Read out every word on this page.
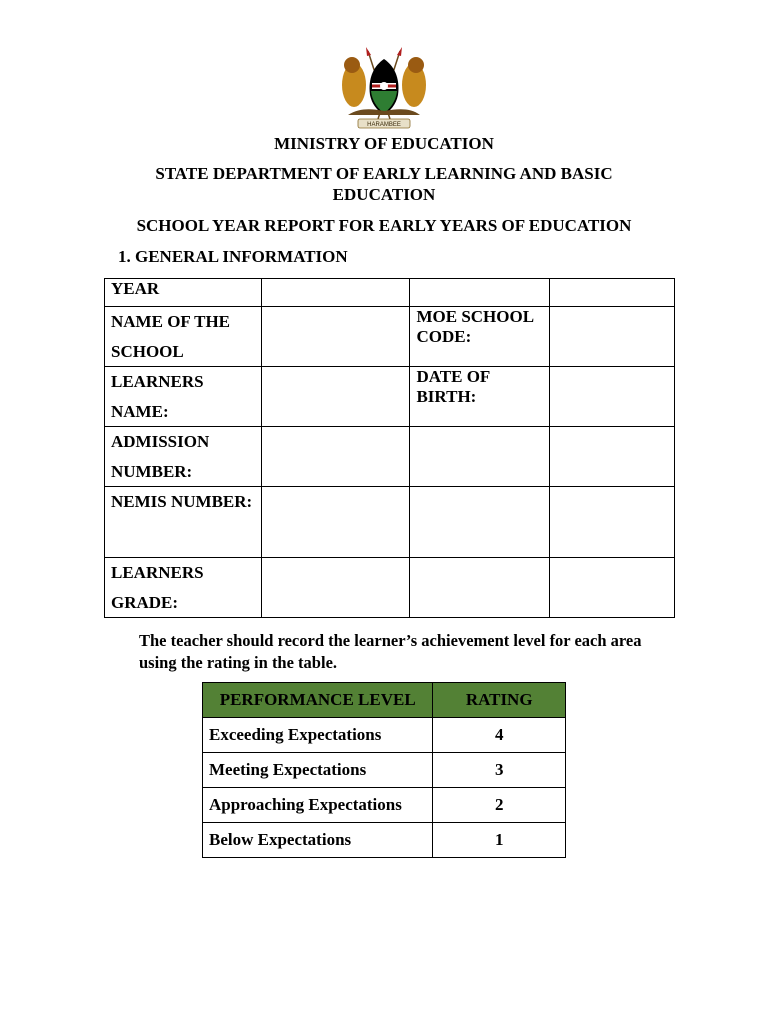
HARAMBEE
MINISTRY OF EDUCATION
STATE DEPARTMENT OF EARLY LEARNING AND BASIC EDUCATION
SCHOOL YEAR REPORT FOR EARLY YEARS OF EDUCATION
1. GENERAL INFORMATION
YEAR			
NAME OF THE SCHOOL		MOE SCHOOL CODE:	
LEARNERS NAME:		DATE OF BIRTH:	
ADMISSION NUMBER:			
NEMIS NUMBER:			
LEARNERS GRADE:			
The teacher should record the learner’s achievement level for each area using the rating in the table.
PERFORMANCE LEVEL	RATING
Exceeding Expectations	4
Meeting Expectations	3
Approaching Expectations	2
Below Expectations	1
